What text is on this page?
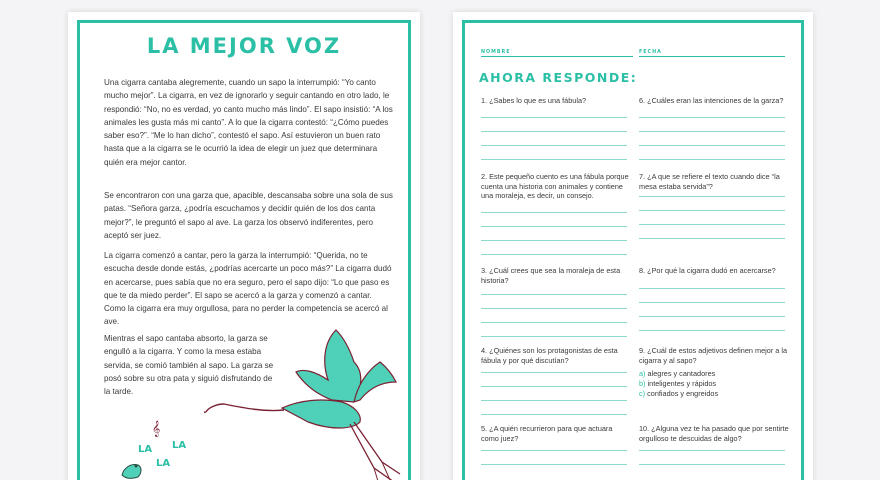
LA MEJOR VOZ

Una cigarra cantaba alegremente, cuando un sapo la interrumpió: “Yo canto mucho mejor”. La cigarra, en vez de ignorarlo y seguir cantando en otro lado, le respondió: “No, no es verdad, yo canto mucho más lindo”. El sapo insistió: “A los animales les gusta más mi canto”. A lo que la cigarra contestó: “¿Cómo puedes saber eso?”. “Me lo han dicho”, contestó el sapo. Así estuvieron un buen rato hasta que a la cigarra se le ocurrió la idea de elegir un juez que determinara quién era mejor cantor.

Se encontraron con una garza que, apacible, descansaba sobre una sola de sus patas. “Señora garza, ¿podría escuchamos y decidir quién de los dos canta mejor?”, le preguntó el sapo al ave. La garza los observó indiferentes, pero aceptó ser juez.

La cigarra comenzó a cantar, pero la garza la interrumpió: “Querida, no te escucha desde donde estás, ¿podrías acercarte un poco más?” La cigarra dudó en acercarse, pues sabía que no era seguro, pero el sapo dijo: “Lo que paso es que te da miedo perder”. El sapo se acercó a la garza y comenzó a cantar. Como la cigarra era muy orgullosa, para no perder la competencia se acercó al ave.

Mientras el sapo cantaba absorto, la garza se engulló a la cigarra. Y como la mesa estaba servida, se comió también al sapo. La garza se posó sobre su otra pata y siguió disfrutando de la tarde.

𝄞
LA LA
LA
NOMBRE	FECHA
AHORA RESPONDE:
1. ¿Sabes lo que es una fábula?
2. Este pequeño cuento es una fábula porque cuenta una historia con animales y contiene una moraleja, es decir, un consejo.
3. ¿Cuál crees que sea la moraleja de esta historia?
4. ¿Quiénes son los protagonistas de esta fábula y por qué discutían?
5. ¿A quién recurrieron para que actuara como juez?
6. ¿Cuáles eran las intenciones de la garza?
7. ¿A que se refiere el texto cuando dice “la mesa estaba servida”?
8. ¿Por qué la cigarra dudó en acercarse?
9. ¿Cuál de estos adjetivos definen mejor a la cigarra y al sapo?
a) alegres y cantadores
b) inteligentes y rápidos
c) confiados y engreidos
10. ¿Alguna vez te ha pasado que por sentirte orgulloso te descuidas de algo?
